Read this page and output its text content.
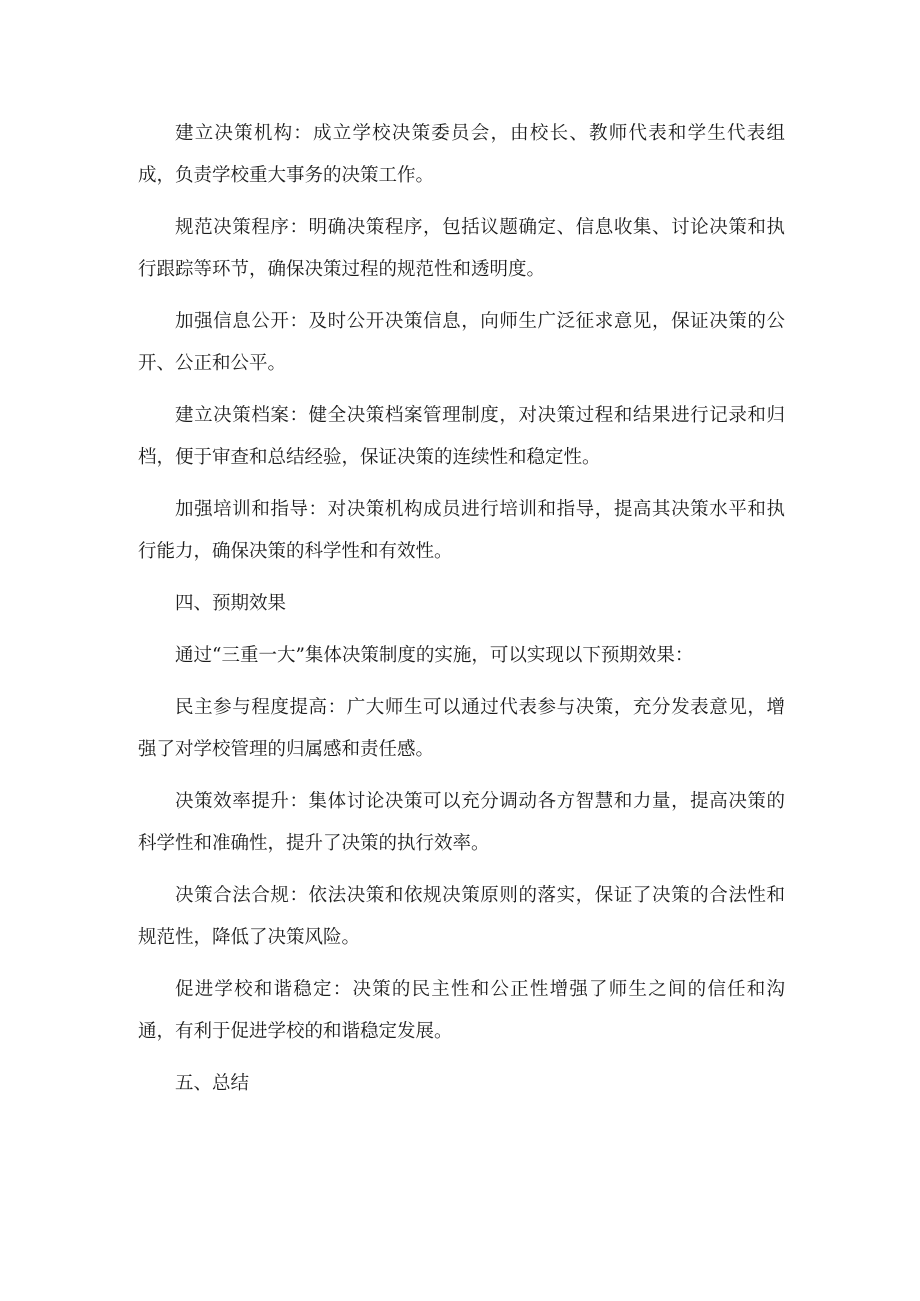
建立决策机构：成立学校决策委员会，由校长、教师代表和学生代表组成，负责学校重大事务的决策工作。

规范决策程序：明确决策程序，包括议题确定、信息收集、讨论决策和执行跟踪等环节，确保决策过程的规范性和透明度。

加强信息公开：及时公开决策信息，向师生广泛征求意见，保证决策的公开、公正和公平。

建立决策档案：健全决策档案管理制度，对决策过程和结果进行记录和归档，便于审查和总结经验，保证决策的连续性和稳定性。

加强培训和指导：对决策机构成员进行培训和指导，提高其决策水平和执行能力，确保决策的科学性和有效性。

四、预期效果

通过“三重一大”集体决策制度的实施，可以实现以下预期效果：

民主参与程度提高：广大师生可以通过代表参与决策，充分发表意见，增强了对学校管理的归属感和责任感。

决策效率提升：集体讨论决策可以充分调动各方智慧和力量，提高决策的科学性和准确性，提升了决策的执行效率。

决策合法合规：依法决策和依规决策原则的落实，保证了决策的合法性和规范性，降低了决策风险。

促进学校和谐稳定：决策的民主性和公正性增强了师生之间的信任和沟通，有利于促进学校的和谐稳定发展。

五、总结
